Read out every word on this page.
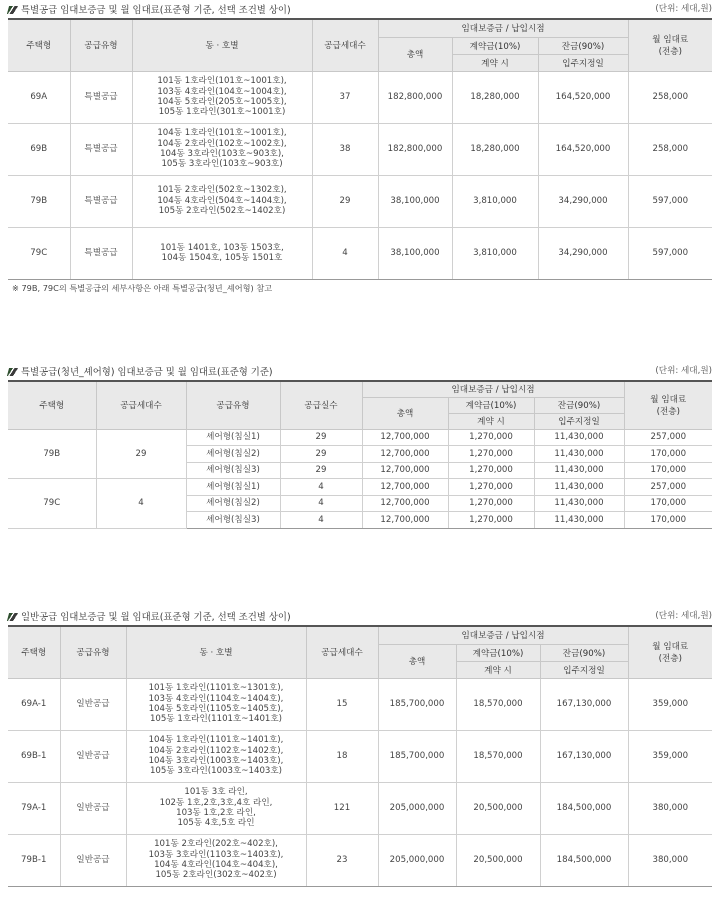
특별공급 임대보증금 및 월 임대료(표준형 기준, 선택 조건별 상이)	(단위: 세대,원)
주택형	공급유형	동 · 호별	공급세대수	임대보증금 / 납입시점			월 임대료
(전층)

				총액	계약금(10%)	잔금(90%)	
					계약 시	입주지정일	
69A	특별공급	101동 1호라인(101호~1001호),
103동 4호라인(104호~1004호),
104동 5호라인(205호~1005호),
105동 1호라인(301호~1001호)	37	182,800,000	18,280,000	164,520,000	258,000
69B	특별공급	104동 1호라인(101호~1001호),
104동 2호라인(102호~1002호),
104동 3호라인(103호~903호),
105동 3호라인(103호~903호)	38	182,800,000	18,280,000	164,520,000	258,000
79B	특별공급	101동 2호라인(502호~1302호),
104동 4호라인(504호~1404호),
105동 2호라인(502호~1402호)	29	38,100,000	3,810,000	34,290,000	597,000
79C	특별공급	101동 1401호, 103동 1503호,
104동 1504호, 105동 1501호	4	38,100,000	3,810,000	34,290,000	597,000
※ 79B, 79C의 특별공급의 세부사항은 아래 특별공급(청년_셰어형) 참고
특별공급(청년_셰어형) 임대보증금 및 월 임대료(표준형 기준)	(단위: 세대,원)
주택형	공급세대수	공급유형	공급실수	임대보증금 / 납입시점			월 임대료
(전층)

				총액	계약금(10%)	잔금(90%)	
					계약 시	입주지정일	
79B	29	셰어형(침실1)	29	12,700,000	1,270,000	11,430,000	257,000
		셰어형(침실2)	29	12,700,000	1,270,000	11,430,000	170,000
		셰어형(침실3)	29	12,700,000	1,270,000	11,430,000	170,000
79C	4	셰어형(침실1)	4	12,700,000	1,270,000	11,430,000	257,000
		셰어형(침실2)	4	12,700,000	1,270,000	11,430,000	170,000
		셰어형(침실3)	4	12,700,000	1,270,000	11,430,000	170,000
일반공급 임대보증금 및 월 임대료(표준형 기준, 선택 조건별 상이)	(단위: 세대,원)
주택형	공급유형	동 · 호별	공급세대수	임대보증금 / 납입시점			월 임대료
(전층)

				총액	계약금(10%)	잔금(90%)	
					계약 시	입주지정일	
69A-1	일반공급	101동 1호라인(1101호~1301호),
103동 4호라인(1104호~1404호),
104동 5호라인(1105호~1405호),
105동 1호라인(1101호~1401호)	15	185,700,000	18,570,000	167,130,000	359,000
69B-1	일반공급	104동 1호라인(1101호~1401호),
104동 2호라인(1102호~1402호),
104동 3호라인(1003호~1403호),
105동 3호라인(1003호~1403호)	18	185,700,000	18,570,000	167,130,000	359,000
79A-1	일반공급	101동 3호 라인,
102동 1호,2호,3호,4호 라인,
103동 1호,2호 라인,
105동 4호,5호 라인	121	205,000,000	20,500,000	184,500,000	380,000
79B-1	일반공급	101동 2호라인(202호~402호),
103동 3호라인(1103호~1403호),
104동 4호라인(104호~404호),
105동 2호라인(302호~402호)	23	205,000,000	20,500,000	184,500,000	380,000
